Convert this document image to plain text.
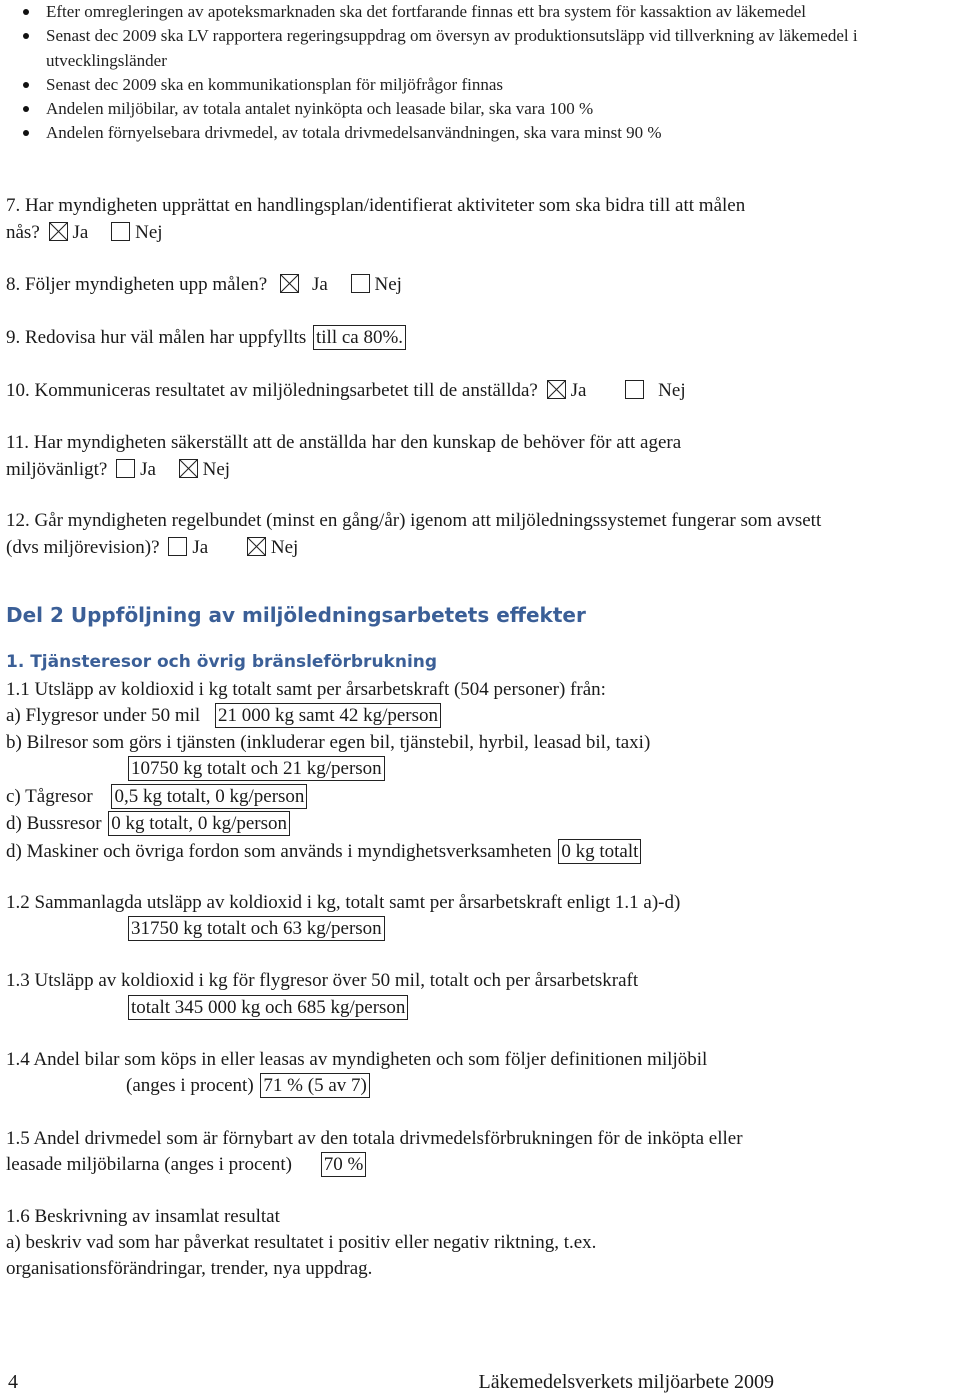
Efter omregleringen av apoteksmarknaden ska det fortfarande finnas ett bra system för kassaktion av läkemedel
Senast dec 2009 ska LV rapportera regeringsuppdrag om översyn av produktionsutsläpp vid tillverkning av läkemedel i utvecklingsländer
Senast dec 2009 ska en kommunikationsplan för miljöfrågor finnas
Andelen miljöbilar, av totala antalet nyinköpta och leasade bilar, ska vara 100 %
Andelen förnyelsebara drivmedel, av totala drivmedelsanvändningen, ska vara minst 90 %
7. Har myndigheten upprättat en handlingsplan/identifierat aktiviteter som ska bidra till att målen
nås? Ja Nej
8. Följer myndigheten upp målen? Ja Nej
9. Redovisa hur väl målen har uppfyllts till ca 80%.
10. Kommuniceras resultatet av miljöledningsarbetet till de anställda? Ja	Nej
11. Har myndigheten säkerställt att de anställda har den kunskap de behöver för att agera
miljövänligt? Ja Nej
12. Går myndigheten regelbundet (minst en gång/år) igenom att miljöledningssystemet fungerar som avsett
(dvs miljörevision)? Ja	Nej
Del 2 Uppföljning av miljöledningsarbetets effekter
1. Tjänsteresor och övrig bränsleförbrukning
1.1 Utsläpp av koldioxid i kg totalt samt per årsarbetskraft (504 personer) från:
a) Flygresor under 50 mil 21 000 kg samt 42 kg/person
b) Bilresor som görs i tjänsten (inkluderar egen bil, tjänstebil, hyrbil, leasad bil, taxi)
10750 kg totalt och 21 kg/person
c) Tågresor 0,5 kg totalt, 0 kg/person
d) Bussresor 0 kg totalt, 0 kg/person
d) Maskiner och övriga fordon som används i myndighetsverksamheten 0 kg totalt
1.2 Sammanlagda utsläpp av koldioxid i kg, totalt samt per årsarbetskraft enligt 1.1 a)-d)
31750 kg totalt och 63 kg/person
1.3 Utsläpp av koldioxid i kg för flygresor över 50 mil, totalt och per årsarbetskraft
totalt 345 000 kg och 685 kg/person
1.4 Andel bilar som köps in eller leasas av myndigheten och som följer definitionen miljöbil
(anges i procent) 71 % (5 av 7)
1.5 Andel drivmedel som är förnybart av den totala drivmedelsförbrukningen för de inköpta eller
leasade miljöbilarna (anges i procent) 70 %
1.6 Beskrivning av insamlat resultat
a) beskriv vad som har påverkat resultatet i positiv eller negativ riktning, t.ex.
organisationsförändringar, trender, nya uppdrag.
4	Läkemedelsverkets miljöarbete 2009
